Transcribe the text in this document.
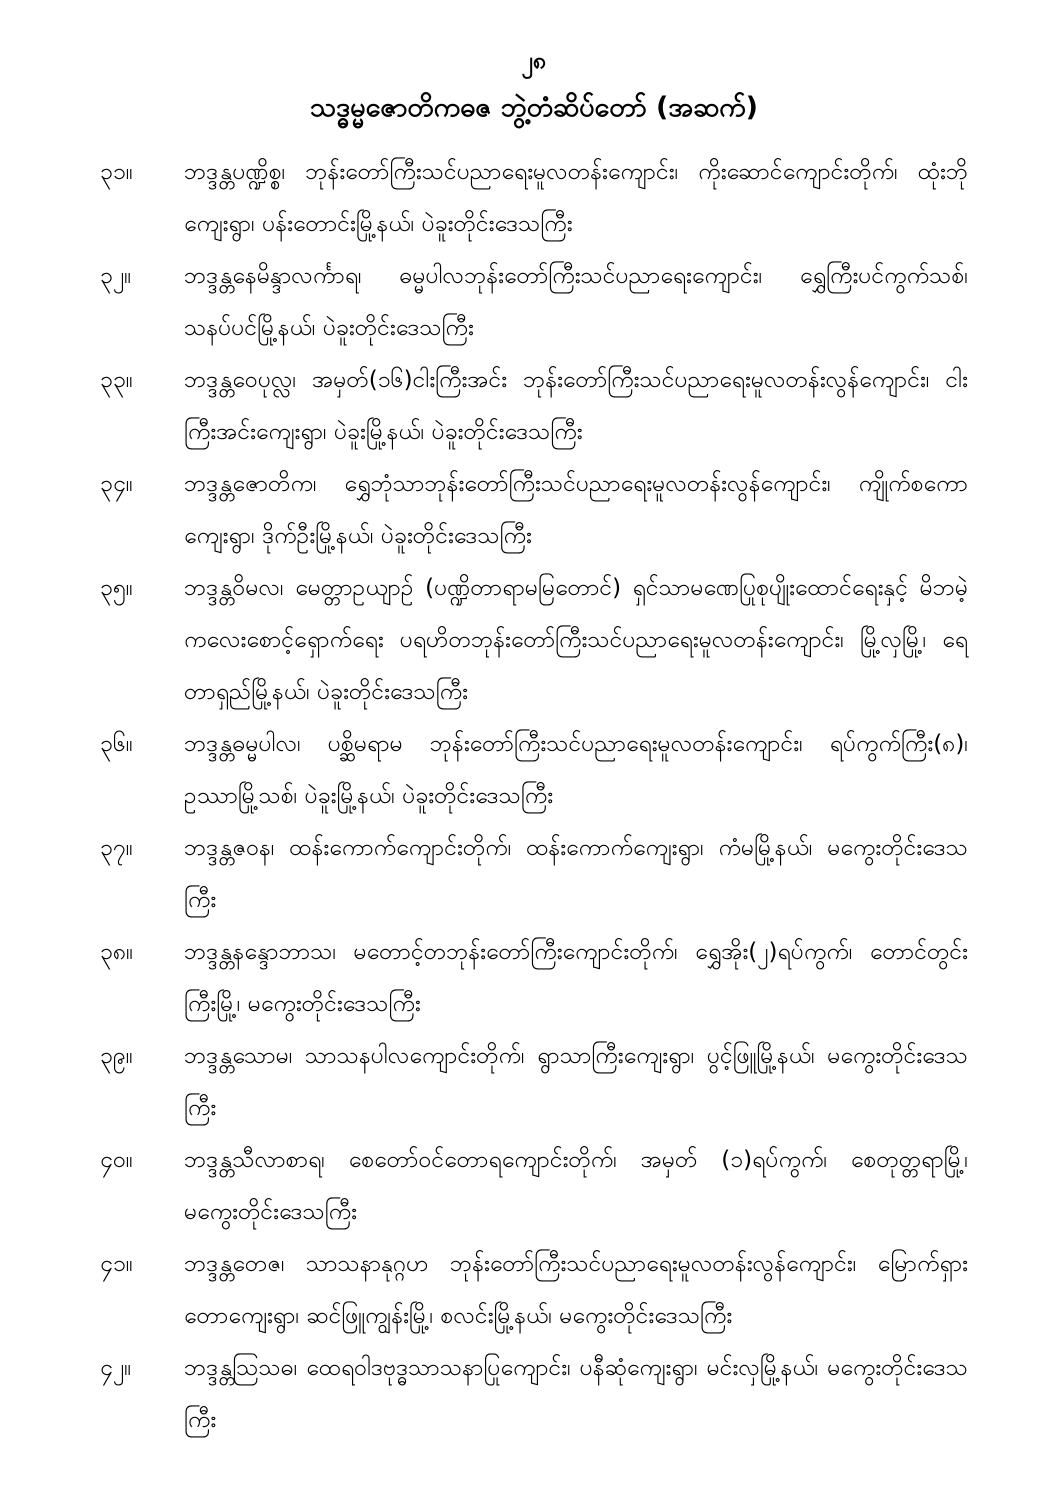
၂၈
သဒ္ဓမ္မဇောတိကဓဇ ဘွဲ့တံဆိပ်တော် (အဆက်)
၃၁။	ဘဒ္ဒန္တပဏ္ဍိစ္စ၊ ဘုန်းတော်ကြီးသင်ပညာရေးမူလတန်းကျောင်း၊ ကိုးဆောင်ကျောင်းတိုက်၊ ထုံးဘိုကျေးရွာ၊ ပန်းတောင်းမြို့နယ်၊ ပဲခူးတိုင်းဒေသကြီး
၃၂။	ဘဒ္ဒန္တနေမိန္ဒာလင်္ကာရ၊ ဓမ္မပါလဘုန်းတော်ကြီးသင်ပညာရေးကျောင်း၊ ရွှေကြီးပင်ကွက်သစ်၊ သနပ်ပင်မြို့နယ်၊ ပဲခူးတိုင်းဒေသကြီး
၃၃။	ဘဒ္ဒန္တဝေပုလ္လ၊ အမှတ်(၁၆)ငါးကြီးအင်း ဘုန်းတော်ကြီးသင်ပညာရေးမူလတန်းလွန်ကျောင်း၊ ငါးကြီးအင်းကျေးရွာ၊ ပဲခူးမြို့နယ်၊ ပဲခူးတိုင်းဒေသကြီး
၃၄။	ဘဒ္ဒန္တဇောတိက၊ ရွှေဘုံသာဘုန်းတော်ကြီးသင်ပညာရေးမူလတန်းလွန်ကျောင်း၊ ကျိုက်စကောကျေးရွာ၊ ဒိုက်ဦးမြို့နယ်၊ ပဲခူးတိုင်းဒေသကြီး
၃၅။	ဘဒ္ဒန္တဝိမလ၊ မေတ္တာဥယျာဉ် (ပဏ္ဍိတာရာမမြတောင်) ရှင်သာမဏေပြုစုပျိုးထောင်ရေးနှင့် မိဘမဲ့ကလေးစောင့်ရှောက်ရေး ပရဟိတဘုန်းတော်ကြီးသင်ပညာရေးမူလတန်းကျောင်း၊ မြို့လှမြို့၊ ရေတာရှည်မြို့နယ်၊ ပဲခူးတိုင်းဒေသကြီး
၃၆။	ဘဒ္ဒန္တဓမ္မပါလ၊ ပစ္ဆိမရာမ ဘုန်းတော်ကြီးသင်ပညာရေးမူလတန်းကျောင်း၊ ရပ်ကွက်ကြီး(၈)၊ ဥဿာမြို့သစ်၊ ပဲခူးမြို့နယ်၊ ပဲခူးတိုင်းဒေသကြီး
၃၇။	ဘဒ္ဒန္တဇဝန၊ ထန်းကောက်ကျောင်းတိုက်၊ ထန်းကောက်ကျေးရွာ၊ ကံမမြို့နယ်၊ မကွေးတိုင်းဒေသကြီး
၃၈။	ဘဒ္ဒန္တနန္ဒောဘာသ၊ မတောင့်တဘုန်းတော်ကြီးကျောင်းတိုက်၊ ရွှေအိုး(၂)ရပ်ကွက်၊ တောင်တွင်းကြီးမြို့၊ မကွေးတိုင်းဒေသကြီး
၃၉။	ဘဒ္ဒန္တသောမ၊ သာသနပါလကျောင်းတိုက်၊ ရွာသာကြီးကျေးရွာ၊ ပွင့်ဖြူမြို့နယ်၊ မကွေးတိုင်းဒေသကြီး
၄၀။	ဘဒ္ဒန္တသီလာစာရ၊ စေတော်ဝင်တောရကျောင်းတိုက်၊ အမှတ် (၁)ရပ်ကွက်၊ စေတုတ္တရာမြို့၊ မကွေးတိုင်းဒေသကြီး
၄၁။	ဘဒ္ဒန္တတေဇ၊ သာသနာနုဂ္ဂဟ ဘုန်းတော်ကြီးသင်ပညာရေးမူလတန်းလွန်ကျောင်း၊ မြောက်ရှားတောကျေးရွာ၊ ဆင်ဖြူကျွန်းမြို့၊ စလင်းမြို့နယ်၊ မကွေးတိုင်းဒေသကြီး
၄၂။	ဘဒ္ဒန္တဩသဓ၊ ထေရဝါဒဗုဒ္ဓသာသနာပြုကျောင်း၊ ပနီဆုံကျေးရွာ၊ မင်းလှမြို့နယ်၊ မကွေးတိုင်းဒေသကြီး
